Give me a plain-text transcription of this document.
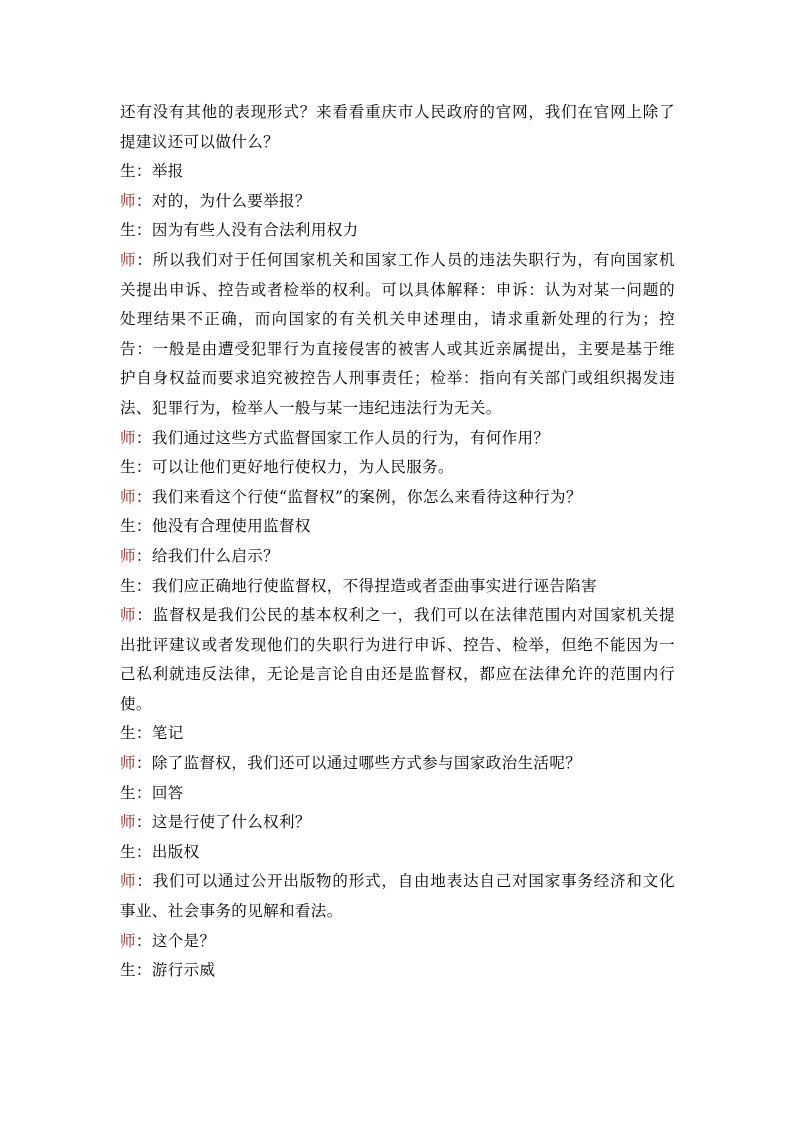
还有没有其他的表现形式？来看看重庆市人民政府的官网，我们在官网上除了提建议还可以做什么？

生：举报

师：对的，为什么要举报？

生：因为有些人没有合法利用权力

师：所以我们对于任何国家机关和国家工作人员的违法失职行为，有向国家机关提出申诉、控告或者检举的权利。可以具体解释：申诉：认为对某一问题的处理结果不正确，而向国家的有关机关申述理由，请求重新处理的行为；控告：一般是由遭受犯罪行为直接侵害的被害人或其近亲属提出，主要是基于维护自身权益而要求追究被控告人刑事责任；检举：指向有关部门或组织揭发违法、犯罪行为，检举人一般与某一违纪违法行为无关。

师：我们通过这些方式监督国家工作人员的行为，有何作用？

生：可以让他们更好地行使权力，为人民服务。

师：我们来看这个行使“监督权”的案例，你怎么来看待这种行为？

生：他没有合理使用监督权

师：给我们什么启示？

生：我们应正确地行使监督权，不得捏造或者歪曲事实进行诬告陷害

师：监督权是我们公民的基本权利之一，我们可以在法律范围内对国家机关提出批评建议或者发现他们的失职行为进行申诉、控告、检举，但绝不能因为一己私利就违反法律，无论是言论自由还是监督权，都应在法律允许的范围内行使。

生：笔记

师：除了监督权，我们还可以通过哪些方式参与国家政治生活呢？

生：回答

师：这是行使了什么权利？

生：出版权

师：我们可以通过公开出版物的形式，自由地表达自己对国家事务经济和文化事业、社会事务的见解和看法。

师：这个是？

生：游行示威
